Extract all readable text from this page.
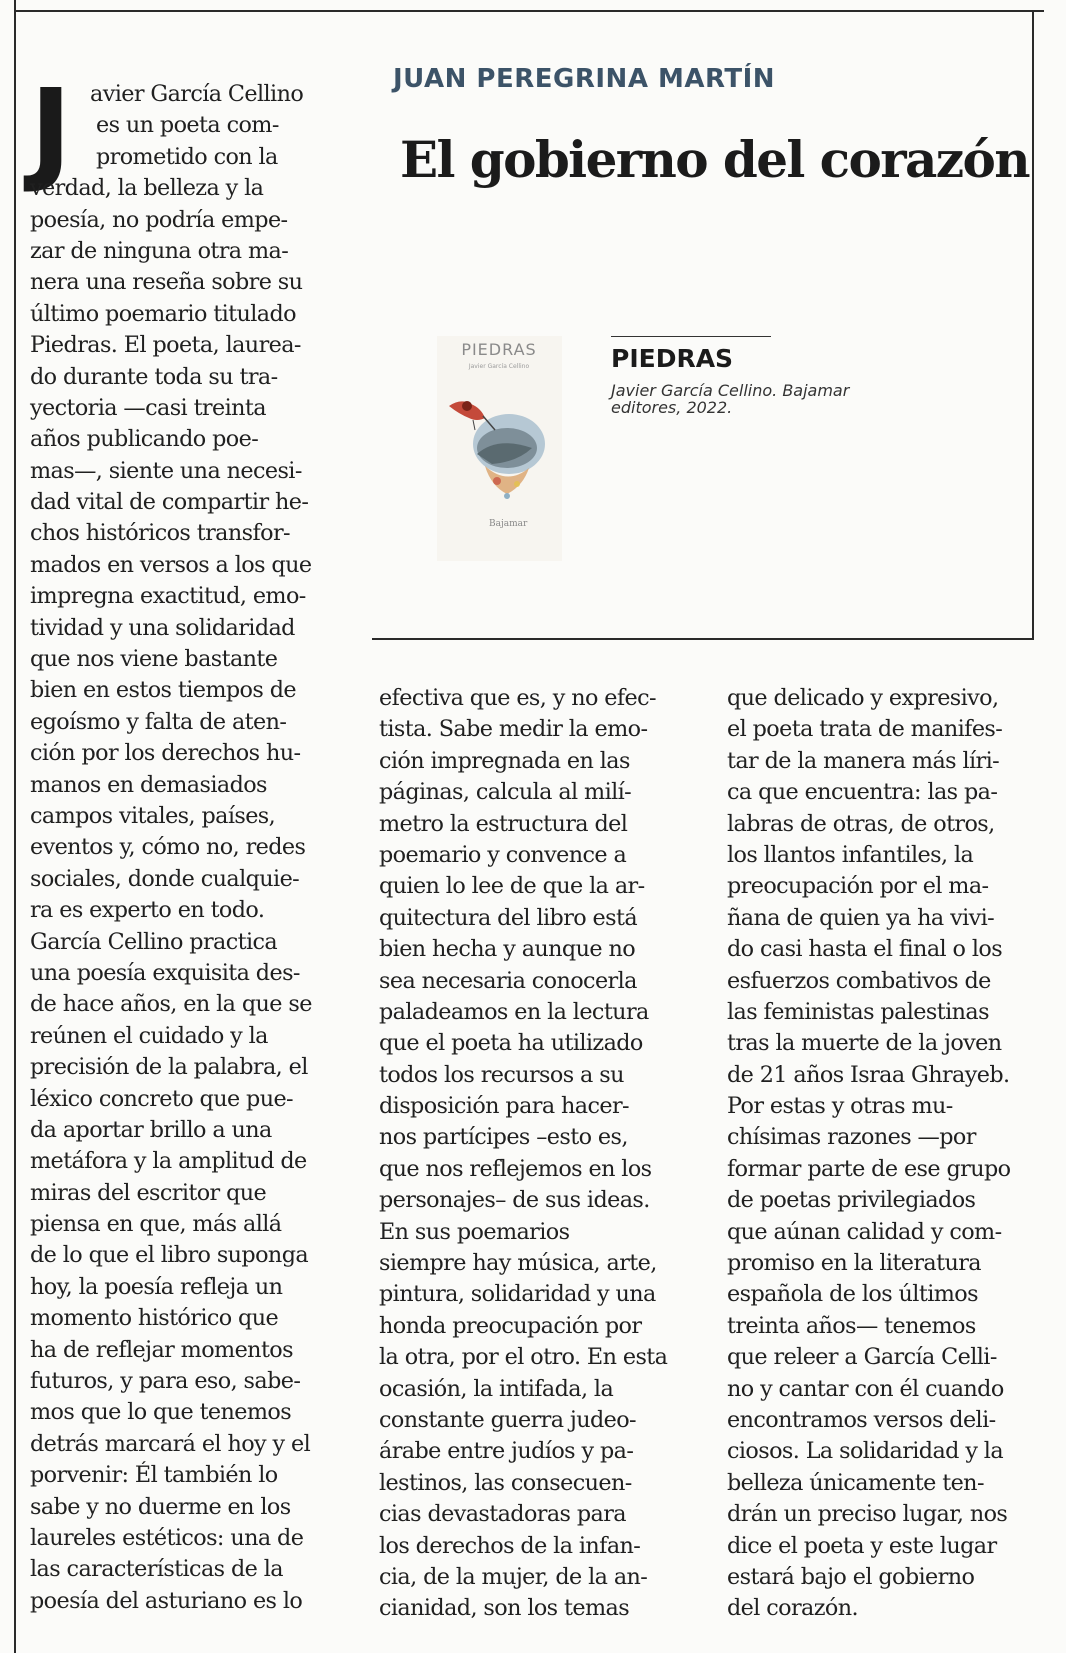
JUAN PEREGRINA MARTÍN
El gobierno del corazón
PIEDRAS
Javier García Cellino
Bajamar
PIEDRAS
Javier García Cellino. Bajamar
editores, 2022.
J avier García Cellino
es un poeta com-
prometido con la
verdad, la belleza y la
poesía, no podría empe-
zar de ninguna otra ma-
nera una reseña sobre su
último poemario titulado
Piedras. El poeta, laurea-
do durante toda su tra-
yectoria —casi treinta
años publicando poe-
mas—, siente una necesi-
dad vital de compartir he-
chos históricos transfor-
mados en versos a los que
impregna exactitud, emo-
tividad y una solidaridad
que nos viene bastante
bien en estos tiempos de
egoísmo y falta de aten-
ción por los derechos hu-
manos en demasiados
campos vitales, países,
eventos y, cómo no, redes
sociales, donde cualquie-
ra es experto en todo.
García Cellino practica
una poesía exquisita des-
de hace años, en la que se
reúnen el cuidado y la
precisión de la palabra, el
léxico concreto que pue-
da aportar brillo a una
metáfora y la amplitud de
miras del escritor que
piensa en que, más allá
de lo que el libro suponga
hoy, la poesía refleja un
momento histórico que
ha de reflejar momentos
futuros, y para eso, sabe-
mos que lo que tenemos
detrás marcará el hoy y el
porvenir: Él también lo
sabe y no duerme en los
laureles estéticos: una de
las características de la
poesía del asturiano es lo
efectiva que es, y no efec-
tista. Sabe medir la emo-
ción impregnada en las
páginas, calcula al milí-
metro la estructura del
poemario y convence a
quien lo lee de que la ar-
quitectura del libro está
bien hecha y aunque no
sea necesaria conocerla
paladeamos en la lectura
que el poeta ha utilizado
todos los recursos a su
disposición para hacer-
nos partícipes –esto es,
que nos reflejemos en los
personajes– de sus ideas.
En sus poemarios
siempre hay música, arte,
pintura, solidaridad y una
honda preocupación por
la otra, por el otro. En esta
ocasión, la intifada, la
constante guerra judeo-
árabe entre judíos y pa-
lestinos, las consecuen-
cias devastadoras para
los derechos de la infan-
cia, de la mujer, de la an-
cianidad, son los temas
que delicado y expresivo,
el poeta trata de manifes-
tar de la manera más líri-
ca que encuentra: las pa-
labras de otras, de otros,
los llantos infantiles, la
preocupación por el ma-
ñana de quien ya ha vivi-
do casi hasta el final o los
esfuerzos combativos de
las feministas palestinas
tras la muerte de la joven
de 21 años Israa Ghrayeb.
Por estas y otras mu-
chísimas razones —por
formar parte de ese grupo
de poetas privilegiados
que aúnan calidad y com-
promiso en la literatura
española de los últimos
treinta años— tenemos
que releer a García Celli-
no y cantar con él cuando
encontramos versos deli-
ciosos. La solidaridad y la
belleza únicamente ten-
drán un preciso lugar, nos
dice el poeta y este lugar
estará bajo el gobierno
del corazón.
